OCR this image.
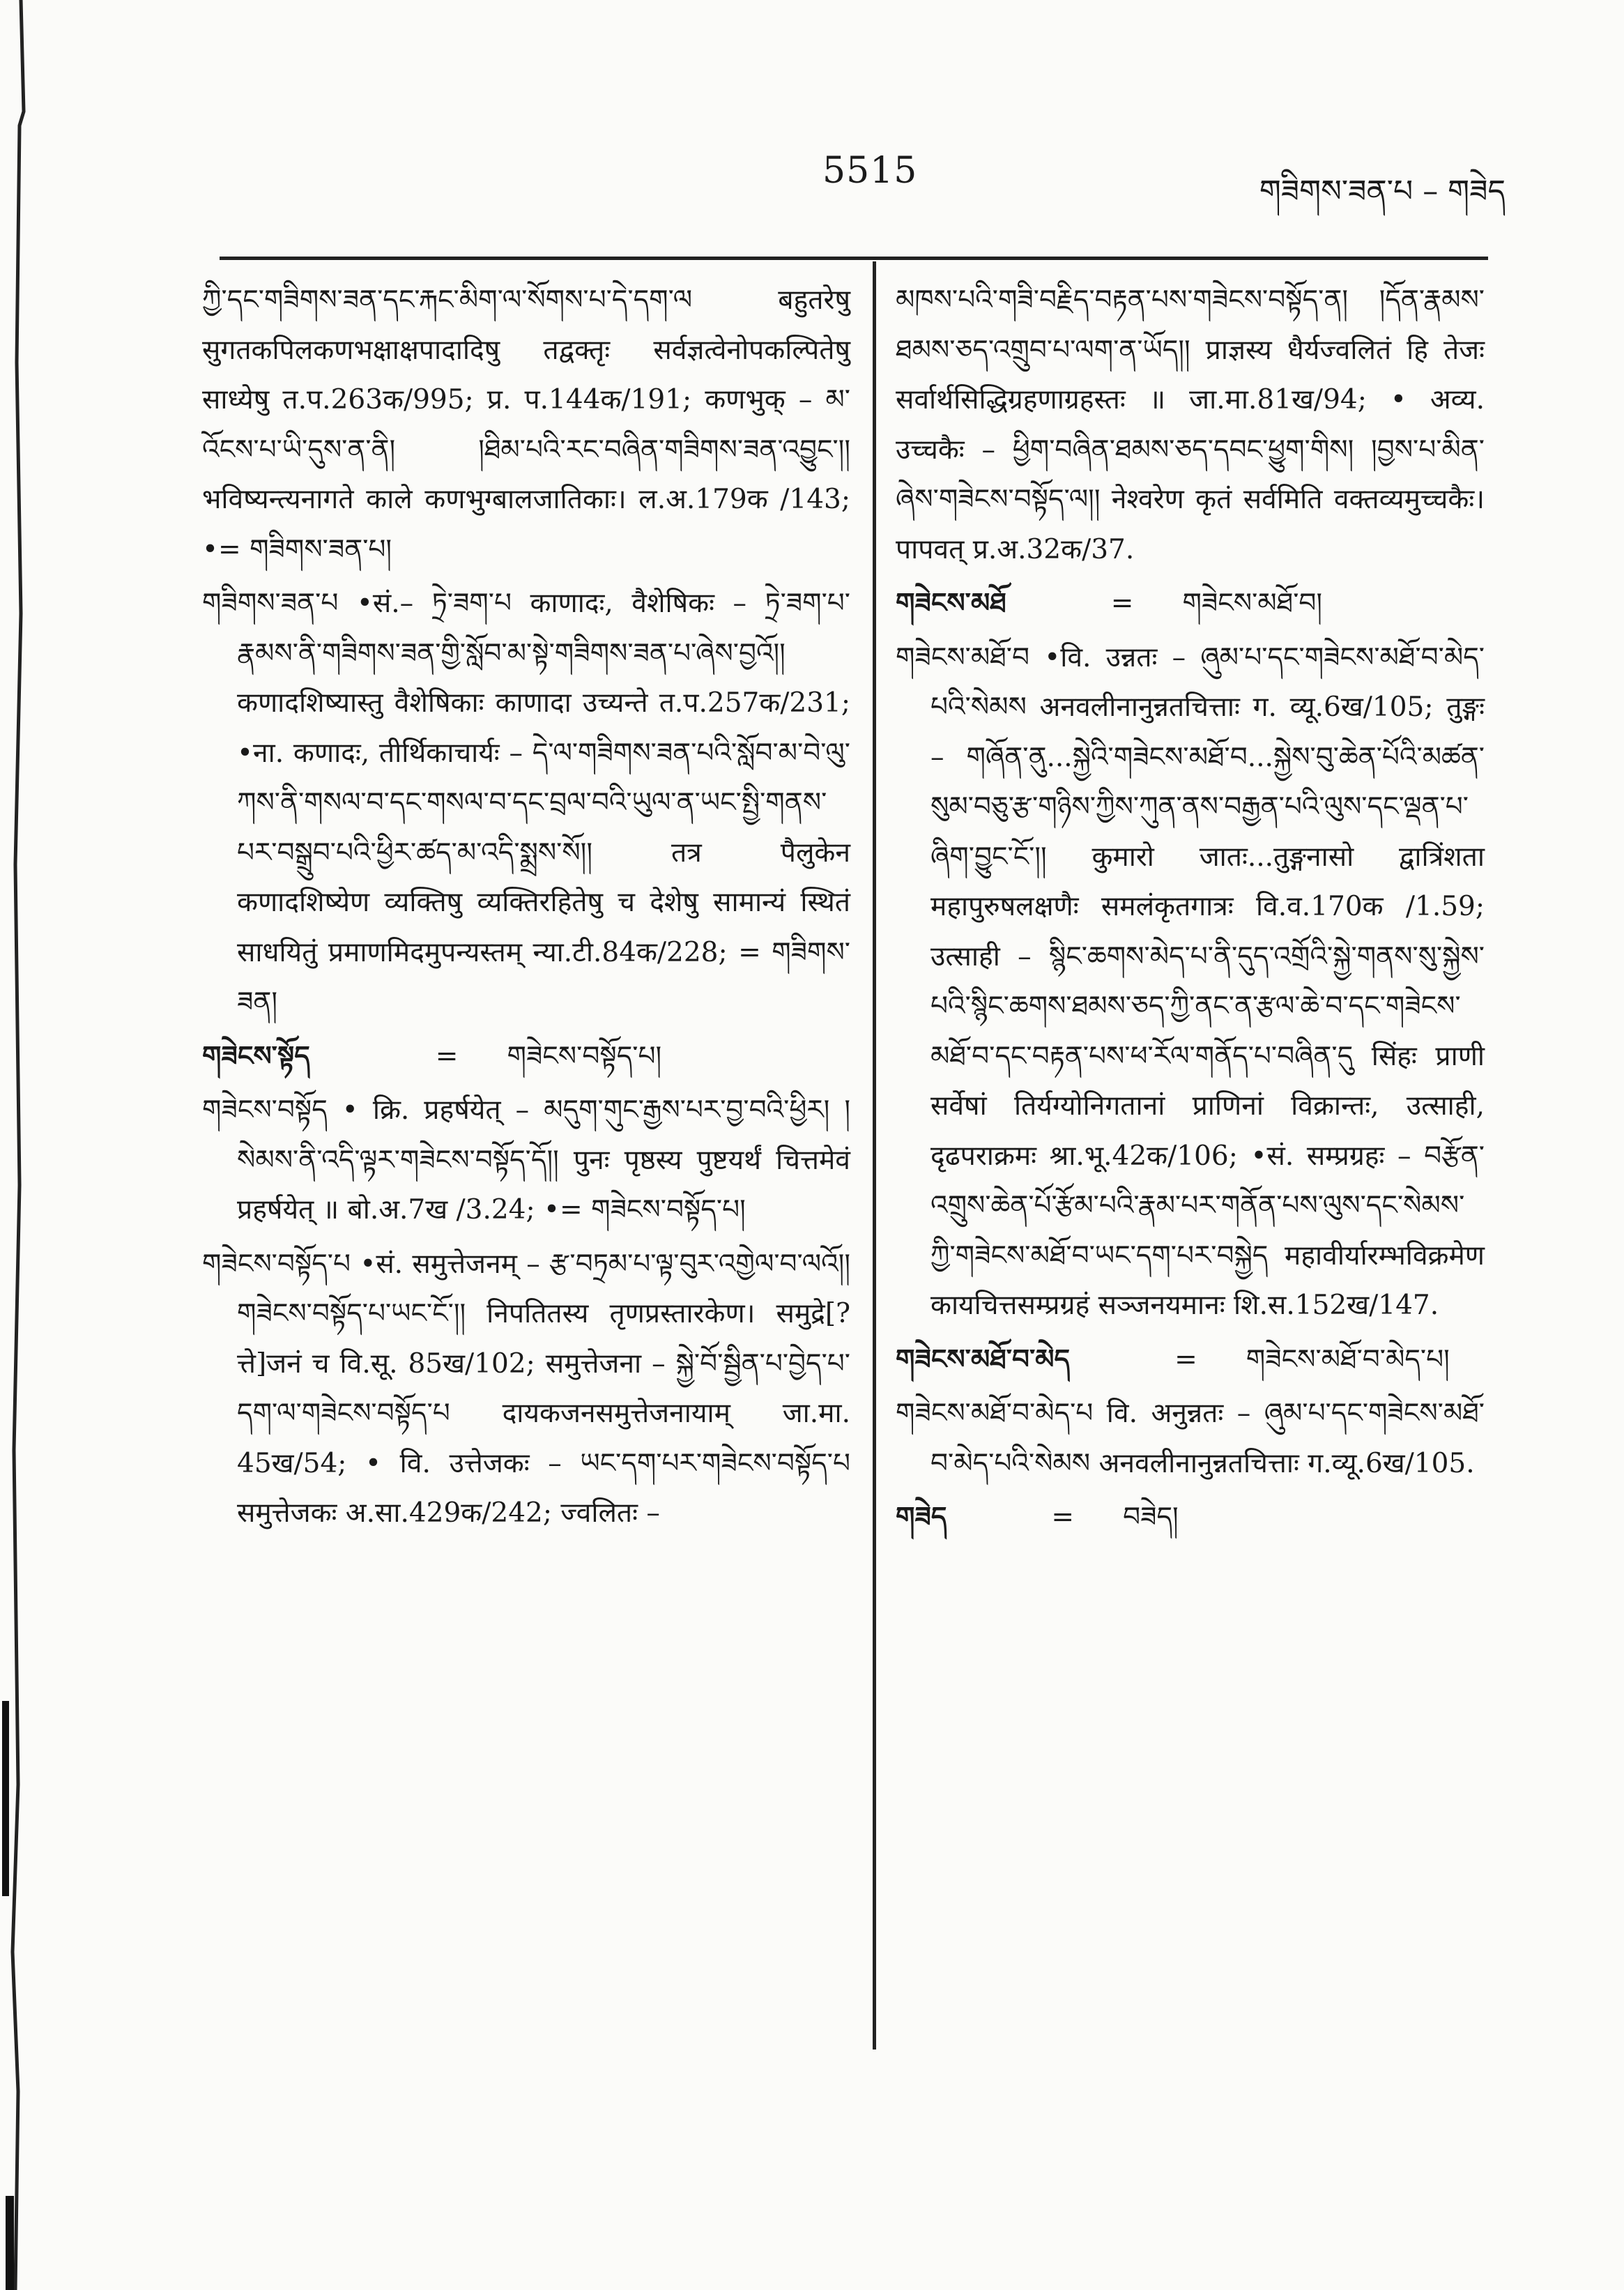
5515	གཟིགས་ཟན་པ – གཟེད

ཀྱི་དང་གཟིགས་ཟན་དང་རྐང་མིག་ལ་སོགས་པ་དེ་དག་ལ बहुतरेषु सुगतकपिलकणभक्षाक्षपादादिषु तद्वक्तृः सर्वज्ञत्वेनोपकल्पितेषु साध्येषु त.प.263क/995; प्र. प.144क/191; कणभुक् – མ་འོངས་པ་ཡི་དུས་ན་ནི། །ཐིམ་པའི་རང་བཞིན་གཟིགས་ཟན་འབྱུང་།། भविष्यन्त्यनागते काले कणभुग्बालजातिकाः। ल.अ.179क /143; •= གཟིགས་ཟན་པ།

གཟིགས་ཟན་པ •सं.– ཏྲེ་ཟག་པ काणादः, वैशेषिकः – ཏྲེ་ཟག་པ་རྣམས་ནི་གཟིགས་ཟན་གྱི་སློབ་མ་སྟེ་གཟིགས་ཟན་པ་ཞེས་བྱའོ།། कणादशिष्यास्तु वैशेषिकाः काणादा उच्यन्ते त.प.257क/231; •ना. कणादः, तीर्थिकाचार्यः – དེ་ལ་གཟིགས་ཟན་པའི་སློབ་མ་བེ་ལུ་ཀས་ནི་གསལ་བ་དང་གསལ་བ་དང་བྲལ་བའི་ཡུལ་ན་ཡང་སྤྱི་གནས་པར་བསྒྲུབ་པའི་ཕྱིར་ཚད་མ་འདི་སྨྲས་སོ།། तत्र पैलुकेन कणादशिष्येण व्यक्तिषु व्यक्तिरहितेषु च देशेषु सामान्यं स्थितं साधयितुं प्रमाणमिदमुपन्यस्तम् न्या.टी.84क/228; = གཟིགས་ཟན།

གཟེངས་སྟོད	= གཟེངས་བསྟོད་པ།

གཟེངས་བསྟོད • क्रि. प्रहर्षयेत् – མདུག་གུང་རྒྱས་པར་བྱ་བའི་ཕྱིར། །སེམས་ནི་འདི་ལྟར་གཟེངས་བསྟོད་དོ།། पुनः पृष्ठस्य पुष्टयर्थं चित्तमेवं प्रहर्षयेत् ॥ बो.अ.7ख /3.24; •= གཟེངས་བསྟོད་པ།

གཟེངས་བསྟོད་པ •सं. समुत्तेजनम् – རྩ་བཏྲམ་པ་ལྟ་བུར་འགྱེལ་བ་ལའོ།། གཟེངས་བསྟོད་པ་ཡང་ངོ་།། निपतितस्य तृणप्रस्तारकेण। समुद्रे[?त्ते]जनं च वि.सू. 85ख/102; समुत्तेजना – སྐྱེ་བོ་སྦྱིན་པ་བྱེད་པ་དག་ལ་གཟེངས་བསྟོད་པ दायकजनसमुत्तेजनायाम् जा.मा. 45ख/54; • वि. उत्तेजकः – ཡང་དག་པར་གཟེངས་བསྟོད་པ समुत्तेजकः अ.सा.429क/242; ज्वलितः –

མཁས་པའི་གཟི་བརྗིད་བརྟན་པས་གཟེངས་བསྟོད་ན། །དོན་རྣམས་ཐམས་ཅད་འགྲུབ་པ་ལག་ན་ཡོད།། प्राज्ञस्य धैर्यज्वलितं हि तेजः सर्वार्थसिद्धिग्रहणाग्रहस्तः ॥ जा.मा.81ख/94; • अव्य. उच्चकैः – ཕྱིག་བཞིན་ཐམས་ཅད་དབང་ཕྱུག་གིས། །བྱས་པ་མིན་ཞེས་གཟེངས་བསྟོད་ལ།། नेश्वरेण कृतं सर्वमिति वक्तव्यमुच्चकैः। पापवत् प्र.अ.32क/37.

གཟེངས་མཐོ	= གཟེངས་མཐོ་བ།

གཟེངས་མཐོ་བ •वि. उन्नतः – ཞུམ་པ་དང་གཟེངས་མཐོ་བ་མེད་པའི་སེམས अनवलीनानुन्नतचित्ताः ग. व्यू.6ख/105; तुङ्गः – གཞོན་ནུ...སྐྱེའི་གཟེངས་མཐོ་བ...སྐྱེས་བུ་ཆེན་པོའི་མཚན་སུམ་བཅུ་རྩ་གཉིས་ཀྱིས་ཀུན་ནས་བརྒྱན་པའི་ལུས་དང་ལྡན་པ་ཞིག་བྱུང་ངོ་།། कुमारो जातः...तुङ्गनासो द्वात्रिंशता महापुरुषलक्षणैः समलंकृतगात्रः वि.व.170क /1.59; उत्साही – སྙིང་ཆགས་མེད་པ་ནི་དུད་འགྲོའི་སྐྱེ་གནས་སུ་སྐྱེས་པའི་སྙིང་ཆགས་ཐམས་ཅད་ཀྱི་ནང་ན་རྩལ་ཆེ་བ་དང་གཟེངས་མཐོ་བ་དང་བརྟན་པས་ཕ་རོལ་གནོད་པ་བཞིན་དུ सिंहः प्राणी सर्वेषां तिर्यग्योनिगतानां प्राणिनां विक्रान्तः, उत्साही, दृढपराक्रमः श्रा.भू.42क/106; •सं. सम्प्रग्रहः – བརྩོན་འགྲུས་ཆེན་པོ་རྩོམ་པའི་རྣམ་པར་གནོན་པས་ལུས་དང་སེམས་ཀྱི་གཟེངས་མཐོ་བ་ཡང་དག་པར་བསྐྱེད महावीर्यारम्भविक्रमेण कायचित्तसम्प्रग्रहं सञ्जनयमानः शि.स.152ख/147.

གཟེངས་མཐོ་བ་མེད	= གཟེངས་མཐོ་བ་མེད་པ།

གཟེངས་མཐོ་བ་མེད་པ वि. अनुन्नतः – ཞུམ་པ་དང་གཟེངས་མཐོ་བ་མེད་པའི་སེམས अनवलीनानुन्नतचित्ताः ग.व्यू.6ख/105.

གཟེད	= བཟེད།
